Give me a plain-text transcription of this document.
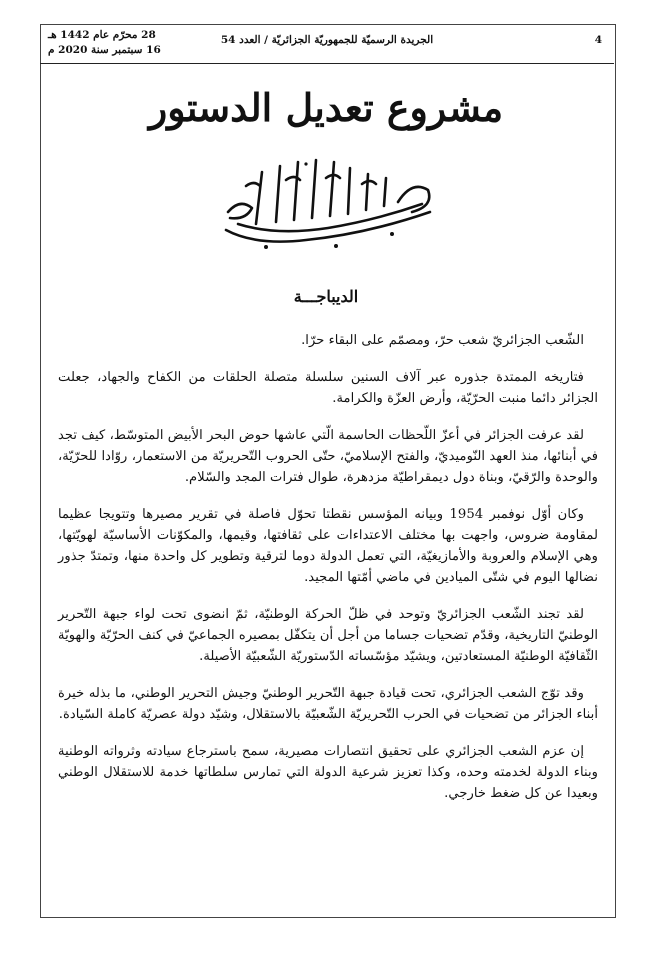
4
الجريدة الرسميّة للجمهوريّة الجزائريّة / العدد 54
28 محرّم عام 1442 هـ
16 سبتمبر سنة 2020 م
مشروع تعديل الدستور
الديباجـــة

الشّعب الجزائريّ شعب حرّ، ومصمّم على البقاء حرّا.

فتاريخه الممتدة جذوره عبر آلاف السنين سلسلة متصلة الحلقات من الكفاح والجهاد، جعلت الجزائر دائما منبت الحرّيّة، وأرض العزّة والكرامة.

لقد عرفت الجزائر في أعزّ اللّحظات الحاسمة الّتي عاشها حوض البحر الأبيض المتوسّط، كيف تجد في أبنائها، منذ العهد النّوميديّ، والفتح الإسلاميّ، حتّى الحروب التّحريريّة من الاستعمار، روّادا للحرّيّة، والوحدة والرّقيّ، وبناة دول ديمقراطيّة مزدهرة، طوال فترات المجد والسّلام.

وكان أوّل نوفمبر 1954 وبيانه المؤسس نقطتا تحوّل فاصلة في تقرير مصيرها وتتويجا عظيما لمقاومة ضروس، واجهت بها مختلف الاعتداءات على ثقافتها، وقيمها، والمكوّنات الأساسيّة لهويّتها، وهي الإسلام والعروبة والأمازيغيّة، التي تعمل الدولة دوما لترقية وتطوير كل واحدة منها، وتمتدّ جذور نضالها اليوم في شتّى الميادين في ماضي أمّتها المجيد.

لقد تجند الشّعب الجزائريّ وتوحد في ظلّ الحركة الوطنيّة، ثمّ انضوى تحت لواء جبهة التّحرير الوطنيّ التاريخية، وقدّم تضحيات جساما من أجل أن يتكفّل بمصيره الجماعيّ في كنف الحرّيّة والهويّة الثّقافيّة الوطنيّة المستعادتين، ويشيّد مؤسّساته الدّستوريّة الشّعبيّة الأصيلة.

وقد توّج الشعب الجزائري، تحت قيادة جبهة التّحرير الوطنيّ وجيش التحرير الوطني، ما بذله خيرة أبناء الجزائر من تضحيات في الحرب التّحريريّة الشّعبيّة بالاستقلال، وشيّد دولة عصريّة كاملة السّيادة.

إن عزم الشعب الجزائري على تحقيق انتصارات مصيرية، سمح باسترجاع سيادته وثرواته الوطنية وبناء الدولة لخدمته وحده، وكذا تعزيز شرعية الدولة التي تمارس سلطاتها خدمة للاستقلال الوطني وبعيدا عن كل ضغط خارجي.
